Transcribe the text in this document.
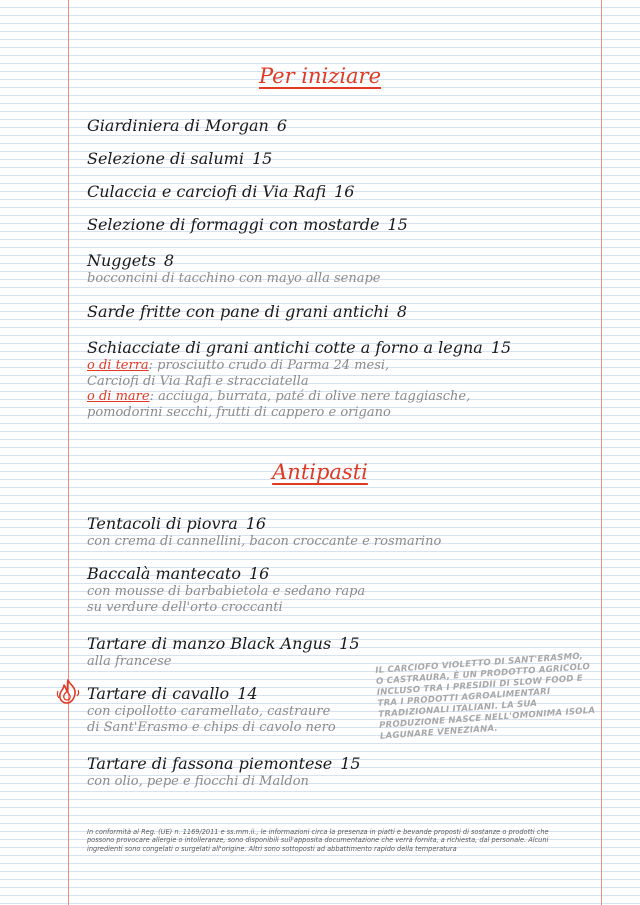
Per iniziare
Giardiniera di Morgan 6
Selezione di salumi 15
Culaccia e carciofi di Via Rafi 16
Selezione di formaggi con mostarde 15
Nuggets 8
bocconcini di tacchino con mayo alla senape
Sarde fritte con pane di grani antichi 8
Schiacciate di grani antichi cotte a forno a legna 15
o di terra: prosciutto crudo di Parma 24 mesi,
Carciofi di Via Rafi e stracciatella
o di mare: acciuga, burrata, paté di olive nere taggiasche,
pomodorini secchi, frutti di cappero e origano
Antipasti
Tentacoli di piovra 16
con crema di cannellini, bacon croccante e rosmarino
Baccalà mantecato 16
con mousse di barbabietola e sedano rapa
su verdure dell'orto croccanti
Tartare di manzo Black Angus 15
alla francese
Tartare di cavallo 14
con cipollotto caramellato, castraure
di Sant'Erasmo e chips di cavolo nero
IL CARCIOFO VIOLETTO DI SANT'ERASMO, O CASTRAURA, È UN PRODOTTO AGRICOLO INCLUSO TRA I PRESIDII DI SLOW FOOD E TRA I PRODOTTI AGROALIMENTARI TRADIZIONALI ITALIANI. LA SUA PRODUZIONE NASCE NELL'OMONIMA ISOLA LAGUNARE VENEZIANA.
Tartare di fassona piemontese 15
con olio, pepe e fiocchi di Maldon
In conformità al Reg. (UE) n. 1169/2011 e ss.mm.ii., le informazioni circa la presenza in piatti e bevande proposti di sostanze o prodotti che possono provocare allergie o intolleranze, sono disponibili sull'apposita documentazione che verrà fornita, a richiesta, dal personale. Alcuni ingredienti sono congelati o surgelati all'origine. Altri sono sottoposti ad abbattimento rapido della temperatura
